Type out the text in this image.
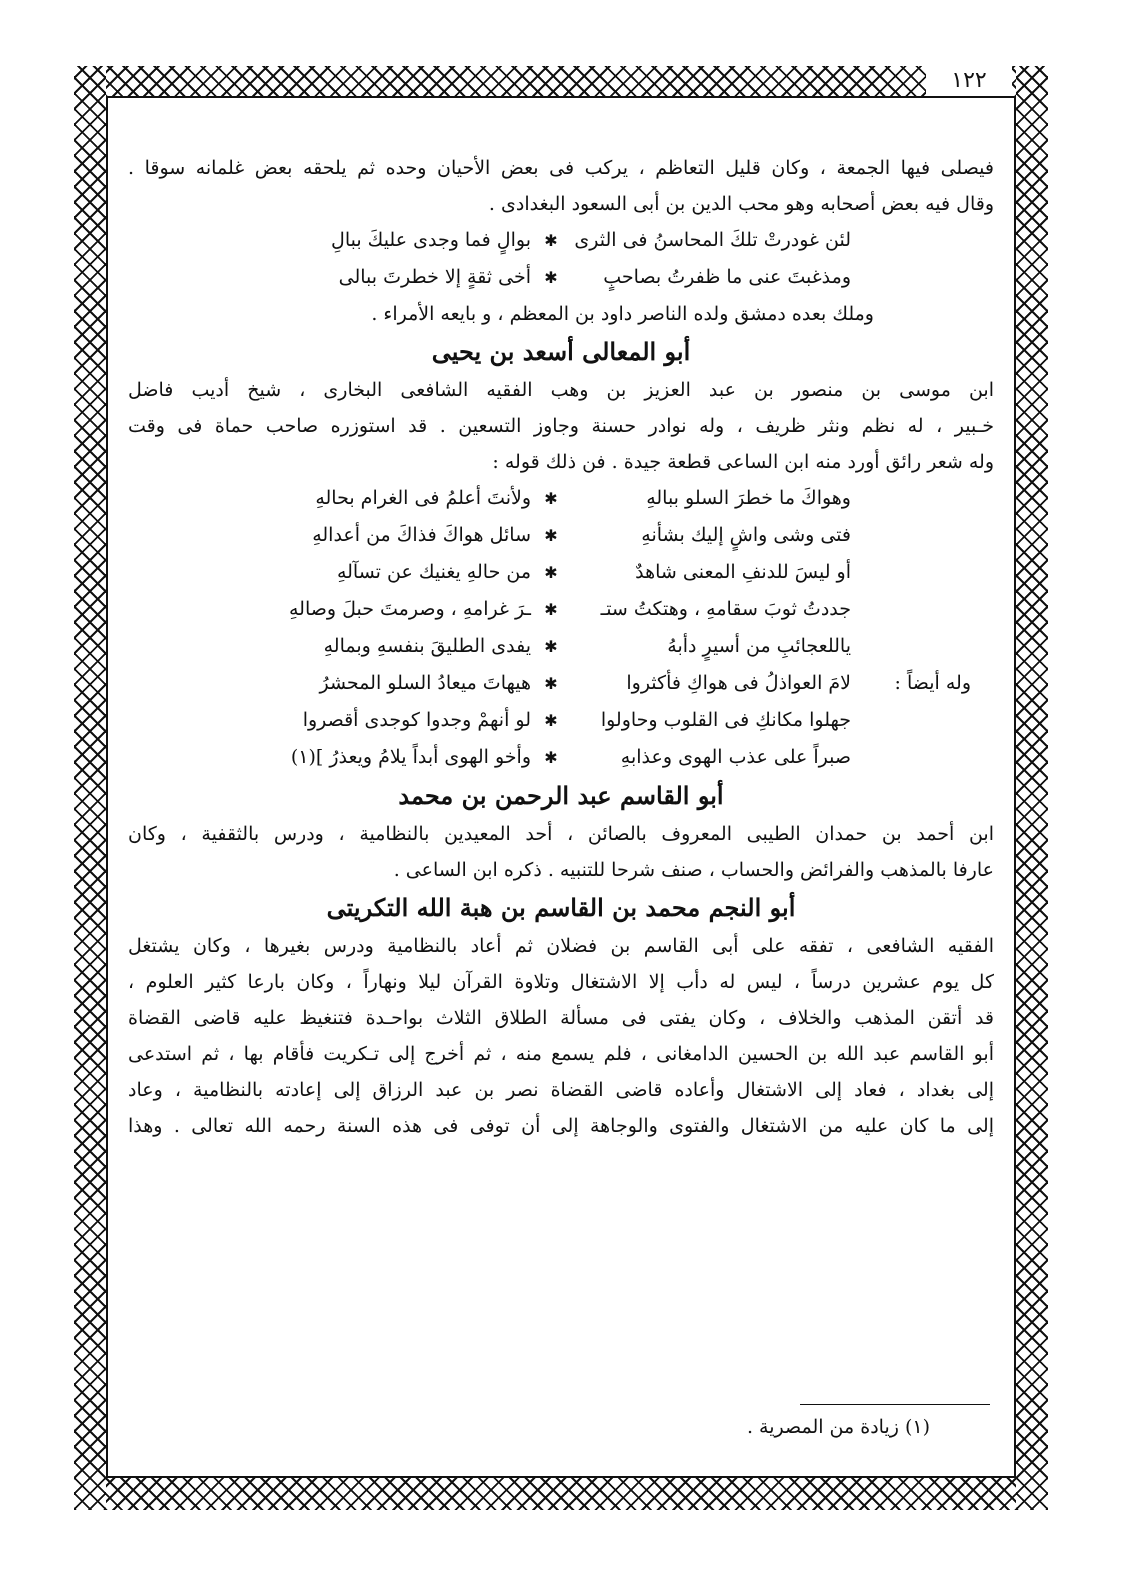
١٢٢
فيصلى فيها الجمعة ، وكان قليل التعاظم ، يركب فى بعض الأحيان وحده ثم يلحقه بعض غلمانه سوقا .
وقال فيه بعض أصحابه وهو محب الدين بن أبى السعود البغدادى .
لئن غودرتْ تلكَ المحاسنُ فى الثرى
✱
بوالٍ فما وجدى عليكَ ببالِ
ومذغبتَ عنى ما ظفرتُ بصاحبٍ
✱
أخى ثقةٍ إلا خطرتَ ببالى
وملك بعده دمشق ولده الناصر داود بن المعظم ، و بايعه الأمراء .
أبو المعالى أسعد بن يحيى
ابن موسى بن منصور بن عبد العزيز بن وهب الفقيه الشافعى البخارى ، شيخ أديب فاضل
خـبير ، له نظم ونثر ظريف ، وله نوادر حسنة وجاوز التسعين . قد استوزره صاحب حماة فى وقت
وله شعر رائق أورد منه ابن الساعى قطعة جيدة . فن ذلك قوله :
وهواكَ ما خطرَ السلو ببالهِ
✱
ولأنتَ أعلمُ فى الغرام بحالهِ
فتى وشى واشٍ إليك بشأنهِ
✱
سائل هواكَ فذاكَ من أعدالهِ
أو ليسَ للدنفِ المعنى شاهدٌ
✱
من حالهِ يغنيك عن تسآلهِ
جددتُ ثوبَ سقامهِ ، وهتكتُ ستـ
✱
ـرَ غرامهِ ، وصرمتَ حبلَ وصالهِ
ياللعجائبِ من أسيرٍ دأبهُ
✱
يفدى الطليقَ بنفسهِ وبمالهِ
وله أيضاً :
لامَ العواذلُ فى هواكِ فأكثروا
✱
هيهاتَ ميعادُ السلو المحشرُ
جهلوا مكانكِ فى القلوب وحاولوا
✱
لو أنهمْ وجدوا كوجدى أقصروا
صبراً على عذب الهوى وعذابهِ
✱
وأخو الهوى أبداً يلامُ ويعذرُ ](١)
أبو القاسم عبد الرحمن بن محمد
ابن أحمد بن حمدان الطيبى المعروف بالصائن ، أحد المعيدين بالنظامية ، ودرس بالثقفية ، وكان
عارفا بالمذهب والفرائض والحساب ، صنف شرحا للتنبيه . ذكره ابن الساعى .
أبو النجم محمد بن القاسم بن هبة الله التكريتى
الفقيه الشافعى ، تفقه على أبى القاسم بن فضلان ثم أعاد بالنظامية ودرس بغيرها ، وكان يشتغل
كل يوم عشرين درساً ، ليس له دأب إلا الاشتغال وتلاوة القرآن ليلا ونهاراً ، وكان بارعا كثير العلوم ،
قد أتقن المذهب والخلاف ، وكان يفتى فى مسألة الطلاق الثلاث بواحـدة فتنغيظ عليه قاضى القضاة
أبو القاسم عبد الله بن الحسين الدامغانى ، فلم يسمع منه ، ثم أخرج إلى تـكريت فأقام بها ، ثم استدعى
إلى بغداد ، فعاد إلى الاشتغال وأعاده قاضى القضاة نصر بن عبد الرزاق إلى إعادته بالنظامية ، وعاد
إلى ما كان عليه من الاشتغال والفتوى والوجاهة إلى أن توفى فى هذه السنة رحمه الله تعالى . وهذا
(١) زيادة من المصرية .
